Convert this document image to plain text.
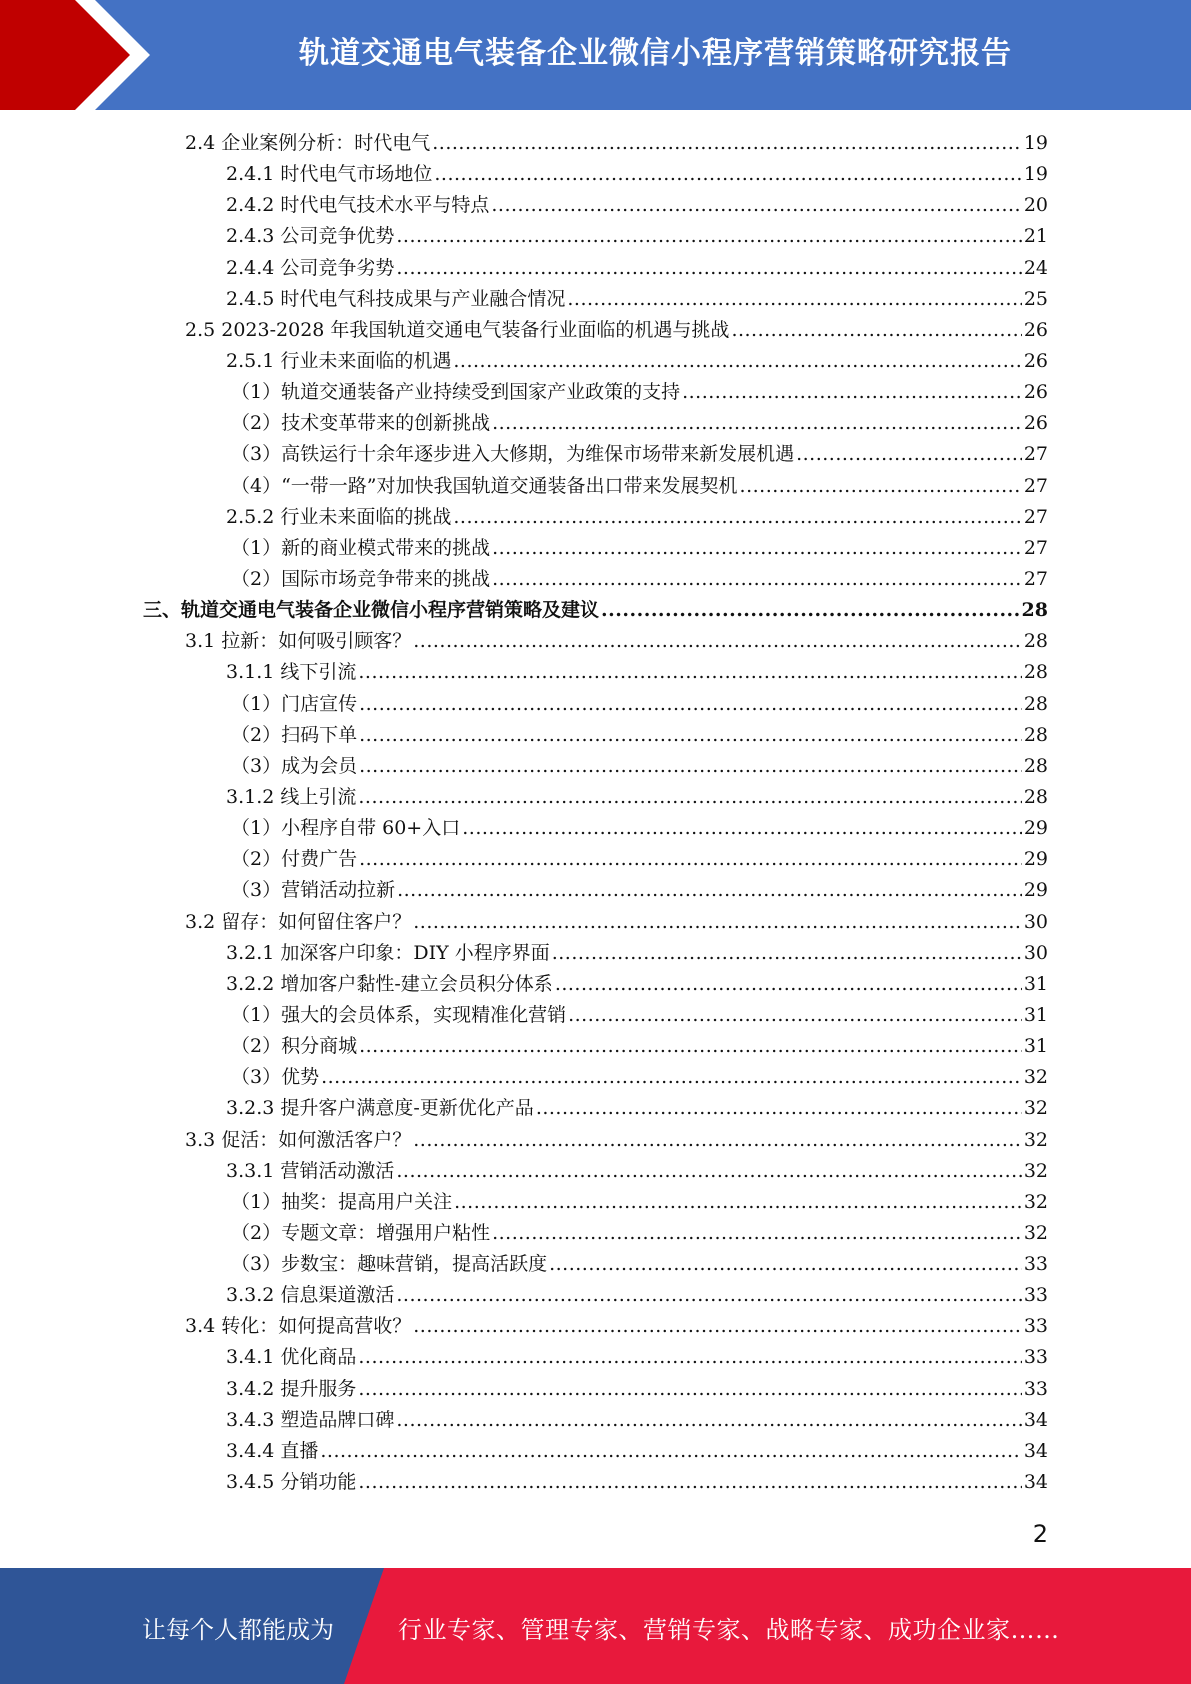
轨道交通电气装备企业微信小程序营销策略研究报告
2.4 企业案例分析：时代电气 .....	19
2.4.1 时代电气市场地位 .....	19
2.4.2 时代电气技术水平与特点 .....	20
2.4.3 公司竞争优势 .....	21
2.4.4 公司竞争劣势 .....	24
2.4.5 时代电气科技成果与产业融合情况 .....	25
2.5 2023-2028 年我国轨道交通电气装备行业面临的机遇与挑战 .....	26
2.5.1 行业未来面临的机遇 .....	26
（1）轨道交通装备产业持续受到国家产业政策的支持 .....	26
（2）技术变革带来的创新挑战 .....	26
（3）高铁运行十余年逐步进入大修期，为维保市场带来新发展机遇 .....	27
（4）“一带一路”对加快我国轨道交通装备出口带来发展契机 .....	27
2.5.2 行业未来面临的挑战 .....	27
（1）新的商业模式带来的挑战 .....	27
（2）国际市场竞争带来的挑战 .....	27
三、轨道交通电气装备企业微信小程序营销策略及建议 .....	28
3.1 拉新：如何吸引顾客？ .....	28
3.1.1 线下引流 .....	28
（1）门店宣传 .....	28
（2）扫码下单 .....	28
（3）成为会员 .....	28
3.1.2 线上引流 .....	28
（1）小程序自带 60+入口 .....	29
（2）付费广告 .....	29
（3）营销活动拉新 .....	29
3.2 留存：如何留住客户？ .....	30
3.2.1 加深客户印象：DIY 小程序界面 .....	30
3.2.2 增加客户黏性-建立会员积分体系 .....	31
（1）强大的会员体系，实现精准化营销 .....	31
（2）积分商城 .....	31
（3）优势 .....	32
3.2.3 提升客户满意度-更新优化产品 .....	32
3.3 促活：如何激活客户？ .....	32
3.3.1 营销活动激活 .....	32
（1）抽奖：提高用户关注 .....	32
（2）专题文章：增强用户粘性 .....	32
（3）步数宝：趣味营销，提高活跃度 .....	33
3.3.2 信息渠道激活 .....	33
3.4 转化：如何提高营收？ .....	33
3.4.1 优化商品 .....	33
3.4.2 提升服务 .....	33
3.4.3 塑造品牌口碑 .....	34
3.4.4 直播 .....	34
3.4.5 分销功能 .....	34
2
让每个人都能成为	行业专家、管理专家、营销专家、战略专家、成功企业家……
